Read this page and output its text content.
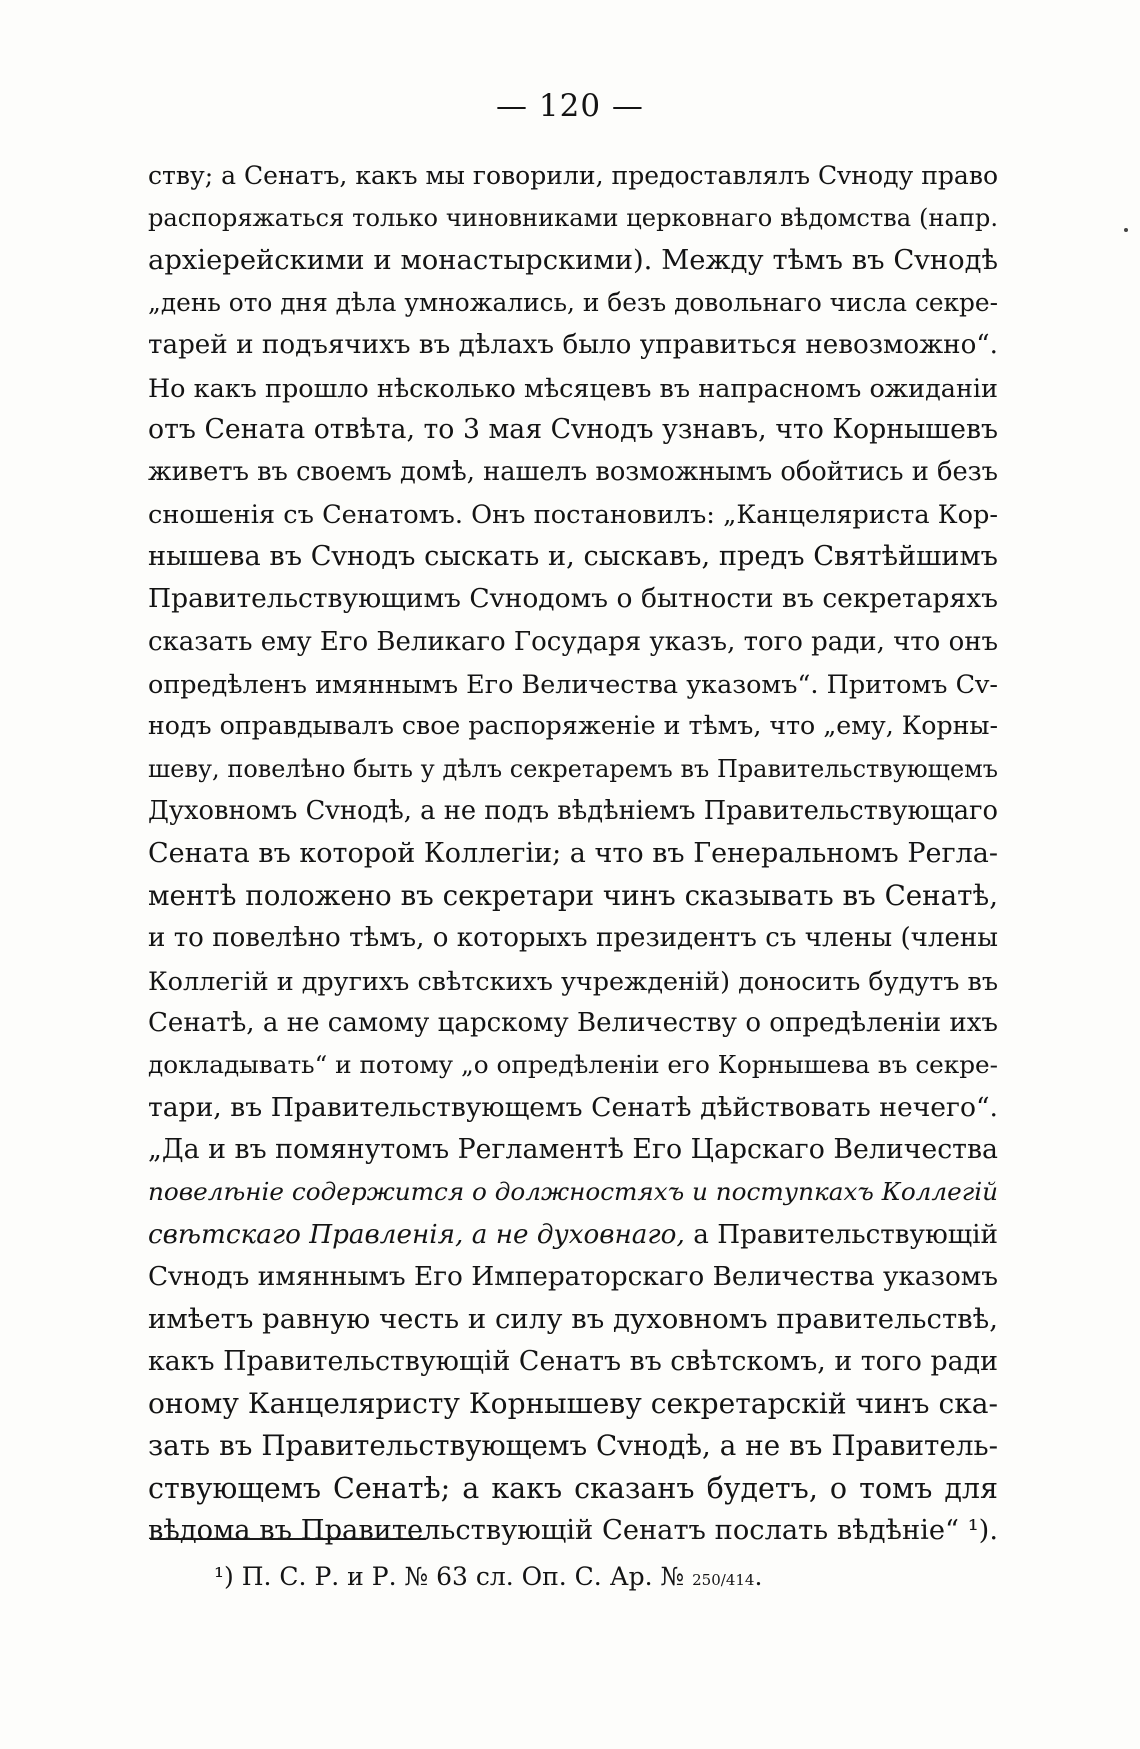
— 120 —
ству; а Сенатъ, какъ мы говорили, предоставлялъ Сvноду право
распоряжаться только чиновниками церковнаго вѣдомства (напр.
архіерейскими и монастырскими). Между тѣмъ въ Сvнодѣ
„день ото дня дѣла умножались, и безъ довольнаго числа секре-
тарей и подъячихъ въ дѣлахъ было управиться невозможно“.
Но какъ прошло нѣсколько мѣсяцевъ въ напрасномъ ожиданіи
отъ Сената отвѣта, то 3 мая Сvнодъ узнавъ, что Корнышевъ
живетъ въ своемъ домѣ, нашелъ возможнымъ обойтись и безъ
сношенія съ Сенатомъ. Онъ постановилъ: „Канцеляриста Кор-
нышева въ Сvнодъ сыскать и, сыскавъ, предъ Святѣйшимъ
Правительствующимъ Сvнодомъ о бытности въ секретаряхъ
сказать ему Его Великаго Государя указъ, того ради, что онъ
опредѣленъ имяннымъ Его Величества указомъ“. Притомъ Сv-
нодъ оправдывалъ свое распоряженіе и тѣмъ, что „ему, Корны-
шеву, повелѣно быть у дѣлъ секретаремъ въ Правительствующемъ
Духовномъ Сvнодѣ, а не подъ вѣдѣніемъ Правительствующаго
Сената въ которой Коллегіи; а что въ Генеральномъ Регла-
ментѣ положено въ секретари чинъ сказывать въ Сенатѣ,
и то повелѣно тѣмъ, о которыхъ президентъ съ члены (члены
Коллегій и другихъ свѣтскихъ учрежденій) доносить будутъ въ
Сенатѣ, а не самому царскому Величеству о опредѣленіи ихъ
докладывать“ и потому „о опредѣленіи его Корнышева въ секре-
тари, въ Правительствующемъ Сенатѣ дѣйствовать нечего“.
„Да и въ помянутомъ Регламентѣ Его Царскаго Величества
повелѣніе содержится о должностяхъ и поступкахъ Коллегій
свѣтскаго Правленія, а не духовнаго, а Правительствующій
Сvнодъ имяннымъ Его Императорскаго Величества указомъ
имѣетъ равную честь и силу въ духовномъ правительствѣ,
какъ Правительствующій Сенатъ въ свѣтскомъ, и того ради
оному Канцеляристу Корнышеву секретарскій чинъ ска-
зать въ Правительствующемъ Сvнодѣ, а не въ Правитель-
ствующемъ Сенатѣ; а какъ сказанъ будетъ, о томъ для
вѣдома въ Правительствующій Сенатъ послать вѣдѣніе“ ¹).
¹) П. С. Р. и Р. № 63 сл. Оп. С. Ар. № 250/414.
